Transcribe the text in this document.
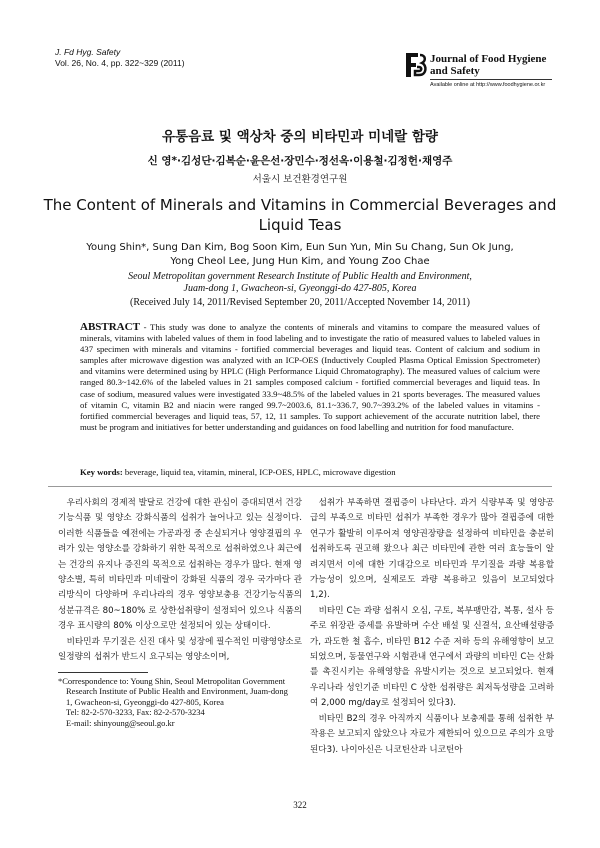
J. Fd Hyg. Safety
Vol. 26, No. 4, pp. 322~329 (2011)	Journal of Food Hygiene
and Safety
Available online at http://www.foodhygiene.or.kr
유통음료 및 액상차 중의 비타민과 미네랄 함량
신 영*·김성단·김복순·윤은선·장민수·정선옥·이용철·김정헌·채영주
서울시 보건환경연구원
The Content of Minerals and Vitamins in Commercial Beverages and Liquid Teas
Young Shin*, Sung Dan Kim, Bog Soon Kim, Eun Sun Yun, Min Su Chang, Sun Ok Jung,
Yong Cheol Lee, Jung Hun Kim, and Young Zoo Chae
Seoul Metropolitan government Research Institute of Public Health and Environment,
Juam-dong 1, Gwacheon-si, Gyeonggi-do 427-805, Korea
(Received July 14, 2011/Revised September 20, 2011/Accepted November 14, 2011)
ABSTRACT - This study was done to analyze the contents of minerals and vitamins to compare the measured values of minerals, vitamins with labeled values of them in food labeling and to investigate the ratio of measured values to labeled values in 437 specimen with minerals and vitamins - fortified commercial beverages and liquid teas. Content of calcium and sodium in samples after microwave digestion was analyzed with an ICP-OES (Inductively Coupled Plasma Optical Emission Spectrometer) and vitamins were determined using by HPLC (High Performance Liquid Chromatography). The measured values of calcium were ranged 80.3~142.6% of the labeled values in 21 samples composed calcium - fortified commercial beverages and liquid teas. In case of sodium, measured values were investigated 33.9~48.5% of the labeled values in 21 sports beverages. The measured values of vitamin C, vitamin B2 and niacin were ranged 99.7~2003.6, 81.1~336.7, 90.7~393.2% of the labeled values in vitamins - fortified commercial beverages and liquid teas, 57, 12, 11 samples. To support achievement of the accurate nutrition label, there must be program and initiatives for better understanding and guidances on food labelling and nutrition for food manufacture.
Key words: beverage, liquid tea, vitamin, mineral, ICP-OES, HPLC, microwave digestion

우리사회의 경제적 발달로 건강에 대한 관심이 증대되면서 건강기능식품 및 영양소 강화식품의 섭취가 늘어나고 있는 실정이다. 이러한 식품들을 예전에는 가공과정 중 손실되거나 영양결핍의 우려가 있는 영양소를 강화하기 위한 목적으로 섭취하였으나 최근에는 건강의 유지나 증진의 목적으로 섭취하는 경우가 많다. 현재 영양소별, 특히 비타민과 미네랄이 강화된 식품의 경우 국가마다 관리방식이 다양하며 우리나라의 경우 영양보충용 건강기능식품의 성분규격은 80~180% 로 상한섭취량이 설정되어 있으나 식품의 경우 표시량의 80% 이상으로만 설정되어 있는 상태이다.

비타민과 무기질은 신진 대사 및 성장에 필수적인 미량영양소로 일정량의 섭취가 반드시 요구되는 영양소이며,

섭취가 부족하면 결핍증이 나타난다. 과거 식량부족 및 영양공급의 부족으로 비타민 섭취가 부족한 경우가 많아 결핍증에 대한 연구가 활발히 이루어져 영양권장량을 설정하여 비타민을 충분히 섭취하도록 권고해 왔으나 최근 비타민에 관한 여러 효능들이 알려지면서 이에 대한 기대감으로 비타민과 무기질을 과량 복용할 가능성이 있으며, 실제로도 과량 복용하고 있음이 보고되었다1,2).

비타민 C는 과량 섭취시 오심, 구토, 복부팽만감, 복통, 설사 등 주로 위장관 증세를 유발하며 수산 배설 및 신결석, 요산배설량증가, 과도한 철 흡수, 비타민 B12 수준 저하 등의 유해영향이 보고되었으며, 동물연구와 시험관내 연구에서 과량의 비타민 C는 산화를 촉진시키는 유해영향을 유발시키는 것으로 보고되었다. 현재 우리나라 성인기준 비타민 C 상한 섭취량은 최저독성량을 고려하여 2,000 mg/day로 설정되어 있다3).

비타민 B2의 경우 아직까지 식품이나 보충제를 통해 섭취한 부작용은 보고되지 않았으나 자료가 제한되어 있으므로 주의가 요망된다3). 나이아신은 니코틴산과 니코틴아

*Correspondence to: Young Shin, Seoul Metropolitan Government
Research Institute of Public Health and Environment, Juam-dong
1, Gwacheon-si, Gyeonggi-do 427-805, Korea
Tel: 82-2-570-3233, Fax: 82-2-570-3234
E-mail: shinyoung@seoul.go.kr
322
